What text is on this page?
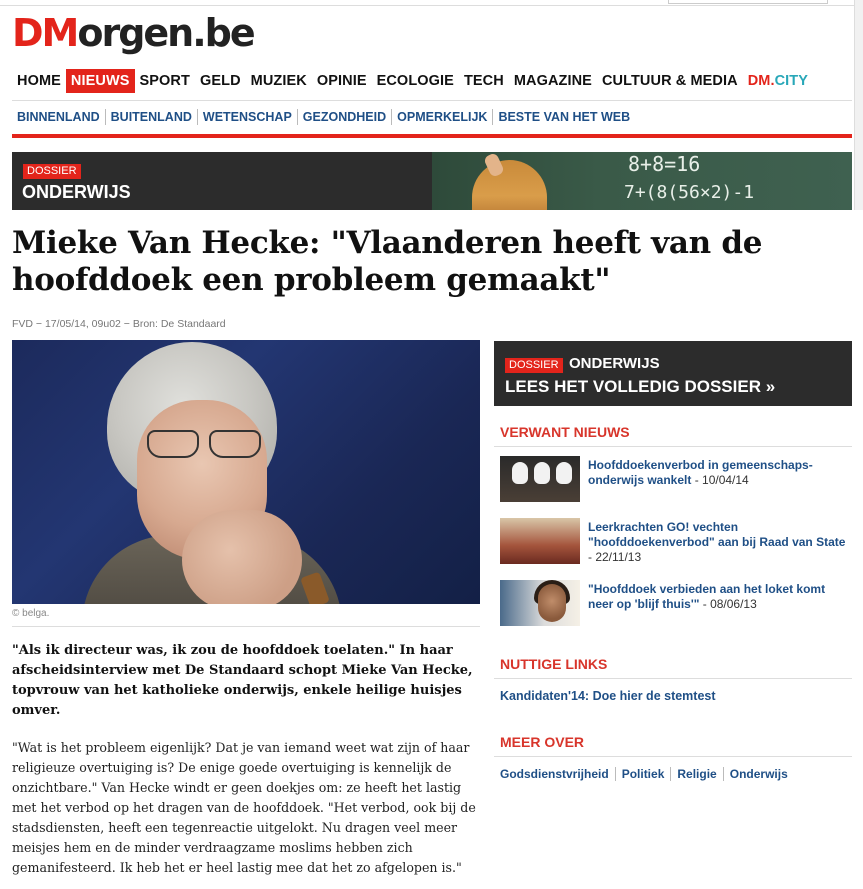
DMorgen.be
HOME NIEUWS SPORT GELD MUZIEK OPINIE ECOLOGIE TECH MAGAZINE CULTUUR & MEDIA DM.CITY
BINNENLAND BUITENLAND WETENSCHAP GEZONDHEID OPMERKELIJK BESTE VAN HET WEB
DOSSIER
ONDERWIJS
8+8=16
7+(8(56×2)-1
Mieke Van Hecke: "Vlaanderen heeft van de hoofddoek een probleem gemaakt"
FVD − 17/05/14, 09u02 − Bron: De Standaard
© belga.

"Als ik directeur was, ik zou de hoofddoek toelaten." In haar afscheidsinterview met De Standaard schopt Mieke Van Hecke, topvrouw van het katholieke onderwijs, enkele heilige huisjes omver.

"Wat is het probleem eigenlijk? Dat je van iemand weet wat zijn of haar religieuze overtuiging is? De enige goede overtuiging is kennelijk de onzichtbare." Van Hecke windt er geen doekjes om: ze heeft het lastig met het verbod op het dragen van de hoofddoek. "Het verbod, ook bij de stadsdiensten, heeft een tegenreactie uitgelokt. Nu dragen veel meer meisjes hem en de minder verdraagzame moslims hebben zich gemanifesteerd. Ik heb het er heel lastig mee dat het zo afgelopen is."

DOSSIER ONDERWIJS
LEES HET VOLLEDIG DOSSIER »
VERWANT NIEUWS
Hoofddoekenverbod in gemeenschaps-onderwijs wankelt - 10/04/14
Leerkrachten GO! vechten "hoofddoekenverbod" aan bij Raad van State - 22/11/13
"Hoofddoek verbieden aan het loket komt neer op 'blijf thuis'" - 08/06/13
NUTTIGE LINKS
Kandidaten'14: Doe hier de stemtest
MEER OVER
Godsdienstvrijheid	Politiek	Religie	Onderwijs
